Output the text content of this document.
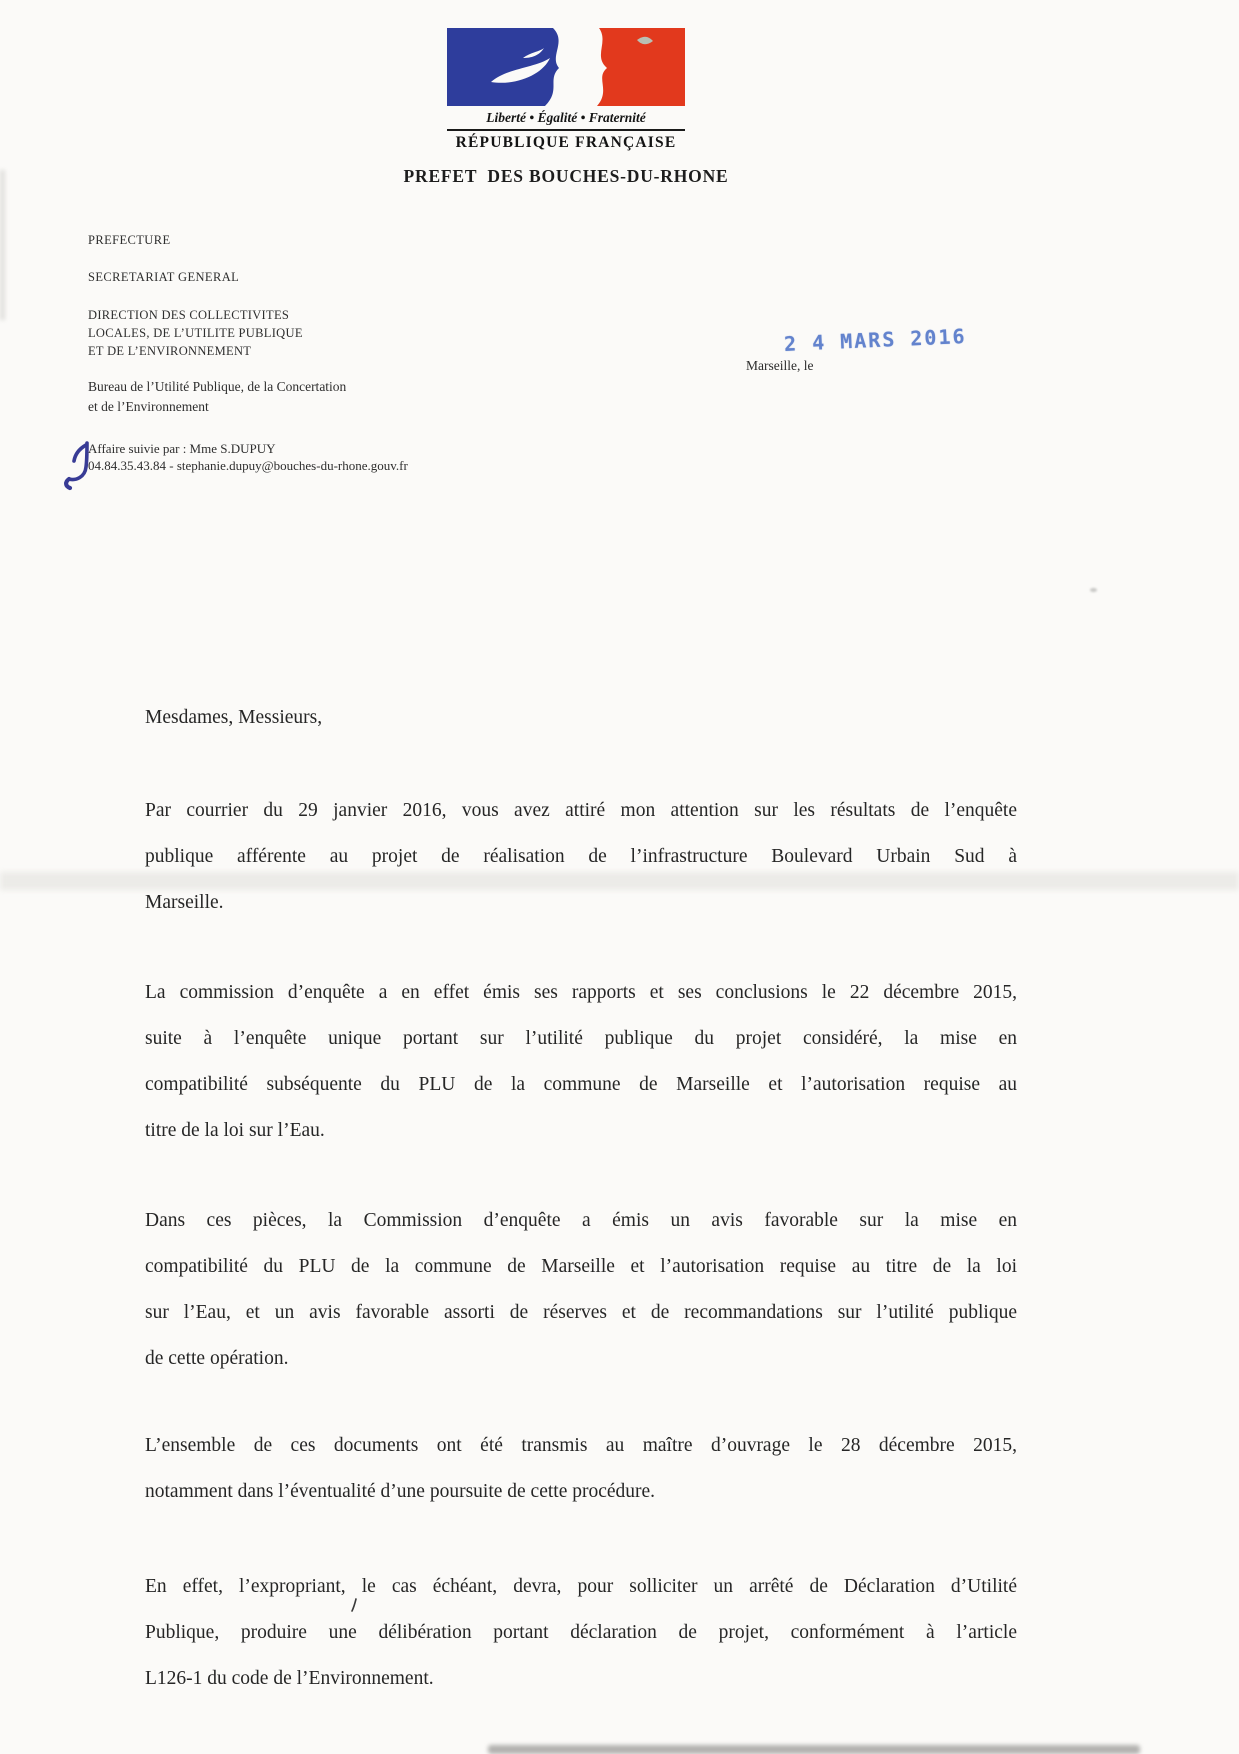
Liberté • Égalité • Fraternité
RÉPUBLIQUE FRANÇAISE
PREFET  DES BOUCHES-DU-RHONE
PREFECTURE
SECRETARIAT GENERAL
DIRECTION DES COLLECTIVITES
LOCALES, DE L’UTILITE PUBLIQUE
ET DE L’ENVIRONNEMENT
Bureau de l’Utilité Publique, de la Concertation
et de l’Environnement
Affaire suivie par : Mme S.DUPUY
04.84.35.43.84 - stephanie.dupuy@bouches-du-rhone.gouv.fr
Marseille, le
2 4 MARS 2016
Mesdames, Messieurs,
Par courrier du 29 janvier 2016, vous avez attiré mon attention sur les résultats de l’enquête
publique afférente au projet de réalisation de l’infrastructure Boulevard Urbain Sud à
Marseille.
La commission d’enquête a en effet émis ses rapports et ses conclusions le 22 décembre 2015,
suite à l’enquête unique portant sur l’utilité publique du projet considéré, la mise en
compatibilité subséquente du PLU de la commune de Marseille et l’autorisation requise au
titre de la loi sur l’Eau.
Dans ces pièces, la Commission d’enquête a émis un avis favorable sur la mise en
compatibilité du PLU de la commune de Marseille et l’autorisation requise au titre de la loi
sur l’Eau, et un avis favorable assorti de réserves et de recommandations sur l’utilité publique
de cette opération.
L’ensemble de ces documents ont été transmis au maître d’ouvrage le 28 décembre 2015,
notamment dans l’éventualité d’une poursuite de cette procédure.
En effet, l’expropriant, le cas échéant, devra, pour solliciter un arrêté de Déclaration d’Utilité
Publique, produire une délibération portant déclaration de projet, conformément à l’article
L126-1 du code de l’Environnement.
